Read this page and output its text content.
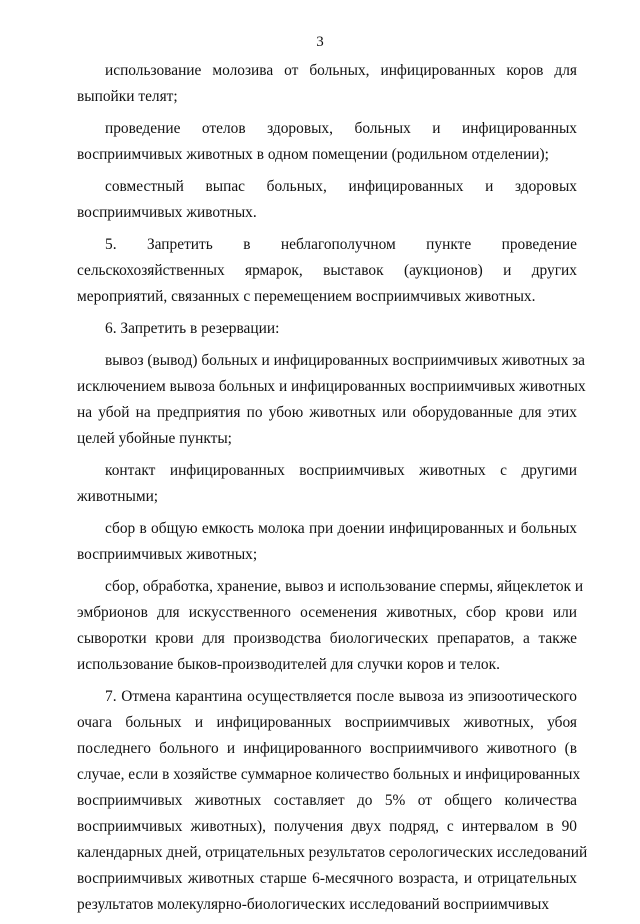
3
использование молозива от больных, инфицированных коров для
выпойки телят;
проведение отелов здоровых, больных и инфицированных
восприимчивых животных в одном помещении (родильном отделении);
совместный выпас больных, инфицированных и здоровых
восприимчивых животных.
5. Запретить в неблагополучном пункте проведение
сельскохозяйственных ярмарок, выставок (аукционов) и других
мероприятий, связанных с перемещением восприимчивых животных.
6. Запретить в резервации:
вывоз (вывод) больных и инфицированных восприимчивых животных за
исключением вывоза больных и инфицированных восприимчивых животных
на убой на предприятия по убою животных или оборудованные для этих
целей убойные пункты;
контакт инфицированных восприимчивых животных с другими
животными;
сбор в общую емкость молока при доении инфицированных и больных
восприимчивых животных;
сбор, обработка, хранение, вывоз и использование спермы, яйцеклеток и
эмбрионов для искусственного осеменения животных, сбор крови или
сыворотки крови для производства биологических препаратов, а также
использование быков-производителей для случки коров и телок.
7. Отмена карантина осуществляется после вывоза из эпизоотического
очага больных и инфицированных восприимчивых животных, убоя
последнего больного и инфицированного восприимчивого животного (в
случае, если в хозяйстве суммарное количество больных и инфицированных
восприимчивых животных составляет до 5% от общего количества
восприимчивых животных), получения двух подряд, с интервалом в 90
календарных дней, отрицательных результатов серологических исследований
восприимчивых животных старше 6-месячного возраста, и отрицательных
результатов молекулярно-биологических исследований восприимчивых
